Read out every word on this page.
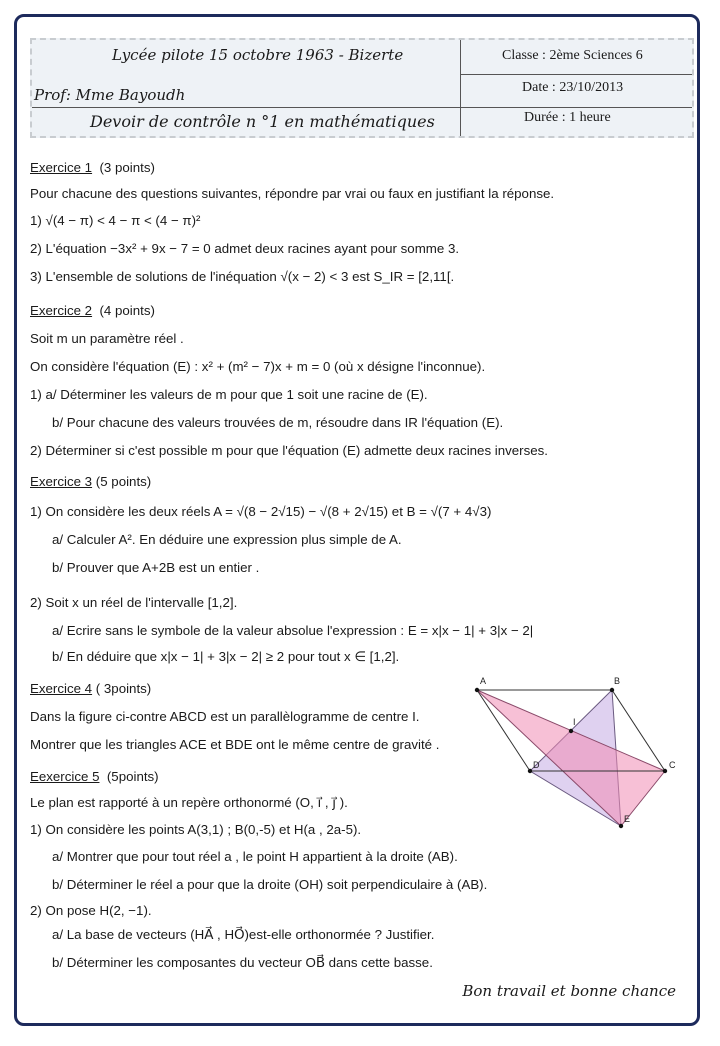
Lycée pilote 15 octobre 1963 - Bizerte
Prof: Mme Bayoudh
Devoir de contrôle n °1 en mathématiques
Classe : 2ème Sciences 6
Date : 23/10/2013
Durée : 1 heure
Exercice 1 (3 points)
Pour chacune des questions suivantes, répondre par vrai ou faux en justifiant la réponse.
1) √(4 − π) < 4 − π < (4 − π)²
2) L'équation −3x² + 9x − 7 = 0 admet deux racines ayant pour somme 3.
3) L'ensemble de solutions de l'inéquation √(x − 2) < 3 est S_IR = [2,11[.
Exercice 2 (4 points)
Soit m un paramètre réel .
On considère l'équation (E) : x² + (m² − 7)x + m = 0 (où x désigne l'inconnue).
1) a/ Déterminer les valeurs de m pour que 1 soit une racine de (E).
b/ Pour chacune des valeurs trouvées de m, résoudre dans IR l'équation (E).
2) Déterminer si c'est possible m pour que l'équation (E) admette deux racines inverses.
Exercice 3 (5 points)
1) On considère les deux réels A = √(8 − 2√15) − √(8 + 2√15) et B = √(7 + 4√3)
a/ Calculer A². En déduire une expression plus simple de A.
b/ Prouver que A+2B est un entier .
2) Soit x un réel de l'intervalle [1,2].
a/ Ecrire sans le symbole de la valeur absolue l'expression : E = x|x − 1| + 3|x − 2|
b/ En déduire que x|x − 1| + 3|x − 2| ≥ 2 pour tout x ∈ [1,2].
Exercice 4 ( 3points)
Dans la figure ci-contre ABCD est un parallèlogramme de centre I.
Montrer que les triangles ACE et BDE ont le même centre de gravité .
A	B
C
D
E
I
Eexercice 5 (5points)
Le plan est rapporté à un repère orthonormé (O, i⃗ , j⃗ ).
1) On considère les points A(3,1) ; B(0,-5) et H(a , 2a-5).
a/ Montrer que pour tout réel a , le point H appartient à la droite (AB).
b/ Déterminer le réel a pour que la droite (OH) soit perpendiculaire à (AB).
2) On pose H(2, −1).
a/ La base de vecteurs (HA⃗ , HO⃗)est-elle orthonormée ? Justifier.
b/ Déterminer les composantes du vecteur OB⃗ dans cette basse.
Bon travail et bonne chance
